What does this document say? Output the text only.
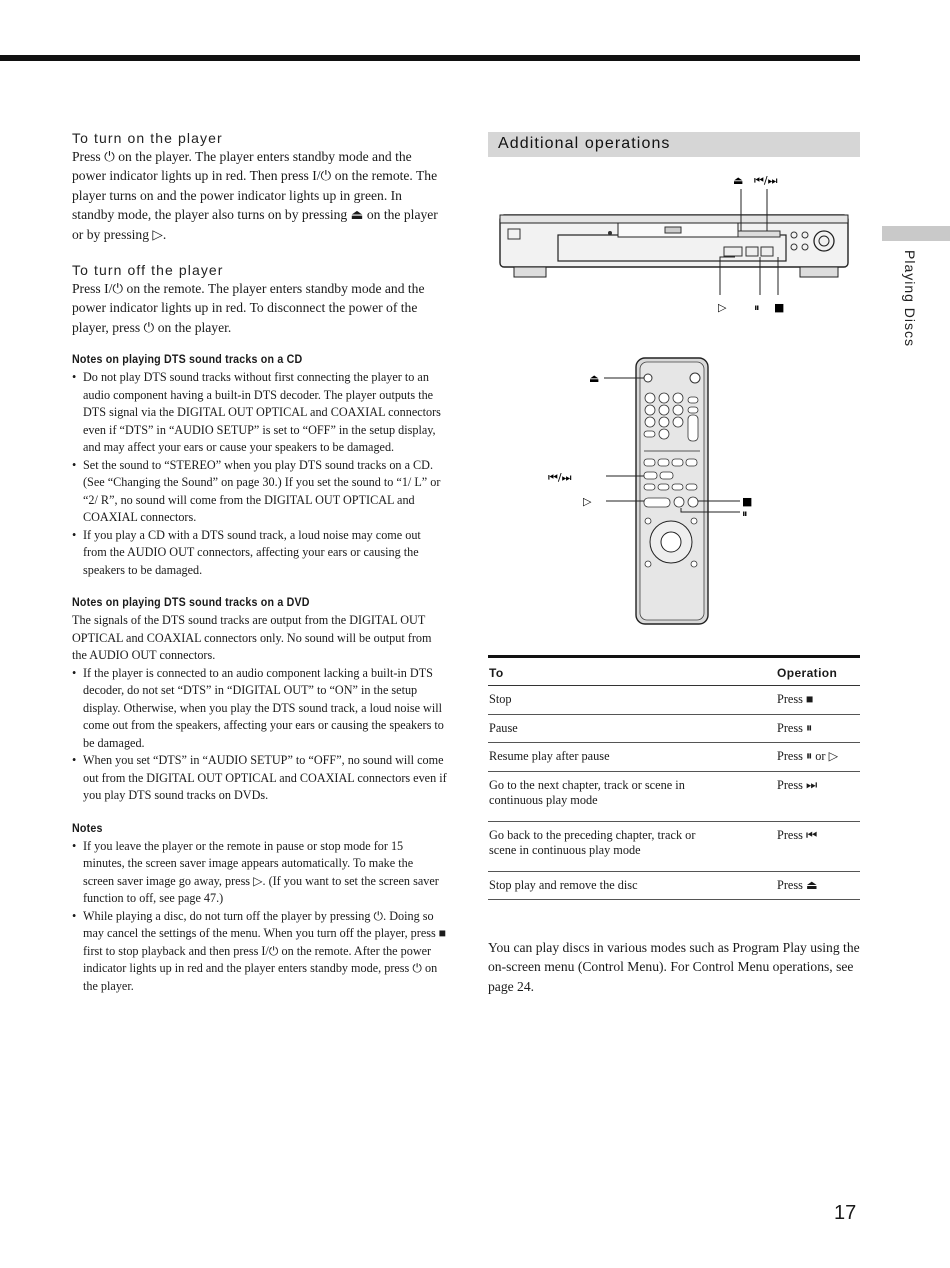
To turn on the player

Press ⏻ on the player. The player enters standby mode and the power indicator lights up in red. Then press I/⏻ on the remote. The player turns on and the power indicator lights up in green. In standby mode, the player also turns on by pressing ⏏ on the player or by pressing ▷.

To turn off the player

Press I/⏻ on the remote. The player enters standby mode and the power indicator lights up in red. To disconnect the power of the player, press ⏻ on the player.

Notes on playing DTS sound tracks on a CD

• Do not play DTS sound tracks without first connecting the player to an audio component having a built-in DTS decoder. The player outputs the DTS signal via the DIGITAL OUT OPTICAL and COAXIAL connectors even if “DTS” in “AUDIO SETUP” is set to “OFF” in the setup display, and may affect your ears or cause your speakers to be damaged.
• Set the sound to “STEREO” when you play DTS sound tracks on a CD. (See “Changing the Sound” on page 30.) If you set the sound to “1/ L” or “2/ R”, no sound will come from the DIGITAL OUT OPTICAL and COAXIAL connectors.
• If you play a CD with a DTS sound track, a loud noise may come out from the AUDIO OUT connectors, affecting your ears or causing the speakers to be damaged.

Notes on playing DTS sound tracks on a DVD

The signals of the DTS sound tracks are output from the DIGITAL OUT OPTICAL and COAXIAL connectors only. No sound will be output from the AUDIO OUT connectors.

• If the player is connected to an audio component lacking a built-in DTS decoder, do not set “DTS” in “DIGITAL OUT” to “ON” in the setup display. Otherwise, when you play the DTS sound track, a loud noise will come out from the speakers, affecting your ears or causing the speakers to be damaged.
• When you set “DTS” in “AUDIO SETUP” to “OFF”, no sound will come out from the DIGITAL OUT OPTICAL and COAXIAL connectors even if you play DTS sound tracks on DVDs.

Notes

• If you leave the player or the remote in pause or stop mode for 15 minutes, the screen saver image appears automatically. To make the screen saver image go away, press ▷. (If you want to set the screen saver function to off, see page 47.)
• While playing a disc, do not turn off the player by pressing ⏻. Doing so may cancel the settings of the menu. When you turn off the player, press ■ first to stop playback and then press I/⏻ on the remote. After the power indicator lights up in red and the player enters standby mode, press ⏻ on the player.
Additional operations
Playing Discs
⏏ ⏮/⏭
▷	⏸ ■
⏏
⏮/⏭
▷	■
⏸
To	Operation
Stop	Press ■
Pause	Press ⏸
Resume play after pause	Press ⏸ or ▷
Go to the next chapter, track or scene in continuous play mode	Press ⏭
Go back to the preceding chapter, track or scene in continuous play mode	Press ⏮
Stop play and remove the disc	Press ⏏

You can play discs in various modes such as Program Play using the on-screen menu (Control Menu). For Control Menu operations, see page 24.

17
